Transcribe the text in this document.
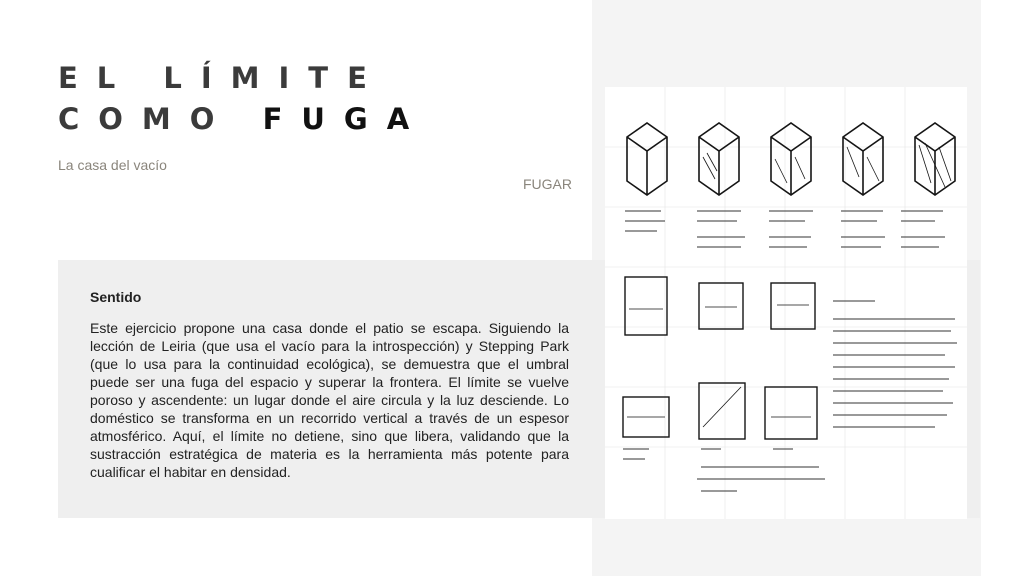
EL LÍMITE
COMO FUGA
La casa del vacío
FUGAR
Sentido
Este ejercicio propone una casa donde el patio se escapa. Siguiendo la lección de Leiria (que usa el vacío para la introspección) y Stepping Park (que lo usa para la continuidad ecológica), se demuestra que el umbral puede ser una fuga del espacio y superar la frontera. El límite se vuelve poroso y ascendente: un lugar donde el aire circula y la luz desciende. Lo doméstico se transforma en un recorrido vertical a través de un espesor atmosférico. Aquí, el límite no detiene, sino que libera, validando que la sustracción estratégica de materia es la herramienta más potente para cualificar el habitar en densidad.
